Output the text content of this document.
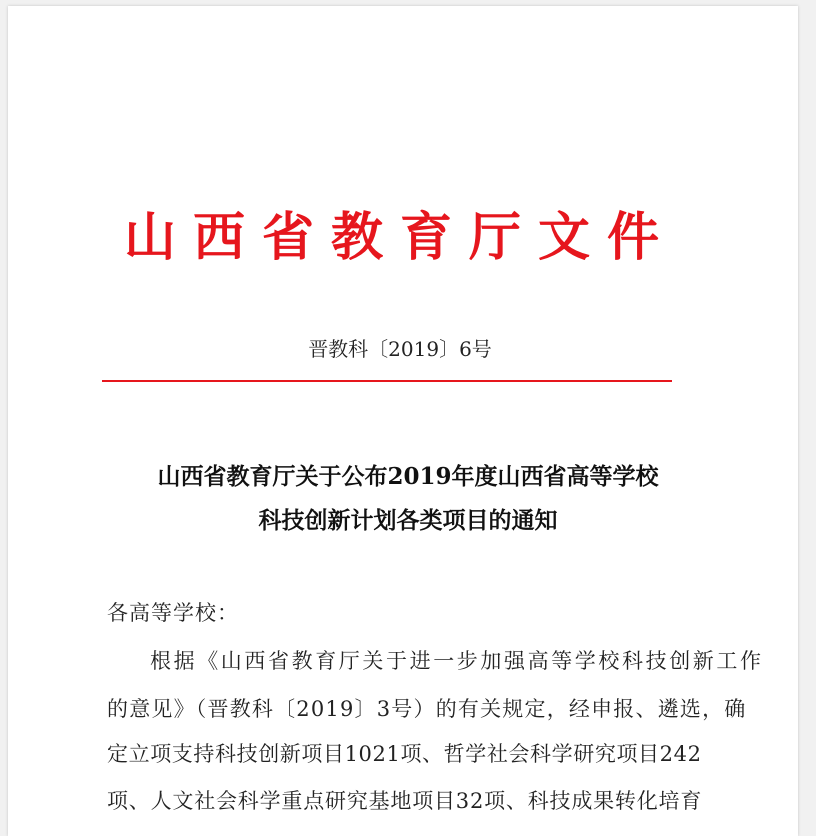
山西省教育厅文件
晋教科〔2019〕6号
山西省教育厅关于公布2019年度山西省高等学校
科技创新计划各类项目的通知
各高等学校：
根据《山西省教育厅关于进一步加强高等学校科技创新工作
的意见》（晋教科〔2019〕3号）的有关规定，经申报、遴选，确
定立项支持科技创新项目1021项、哲学社会科学研究项目242
项、人文社会科学重点研究基地项目32项、科技成果转化培育
